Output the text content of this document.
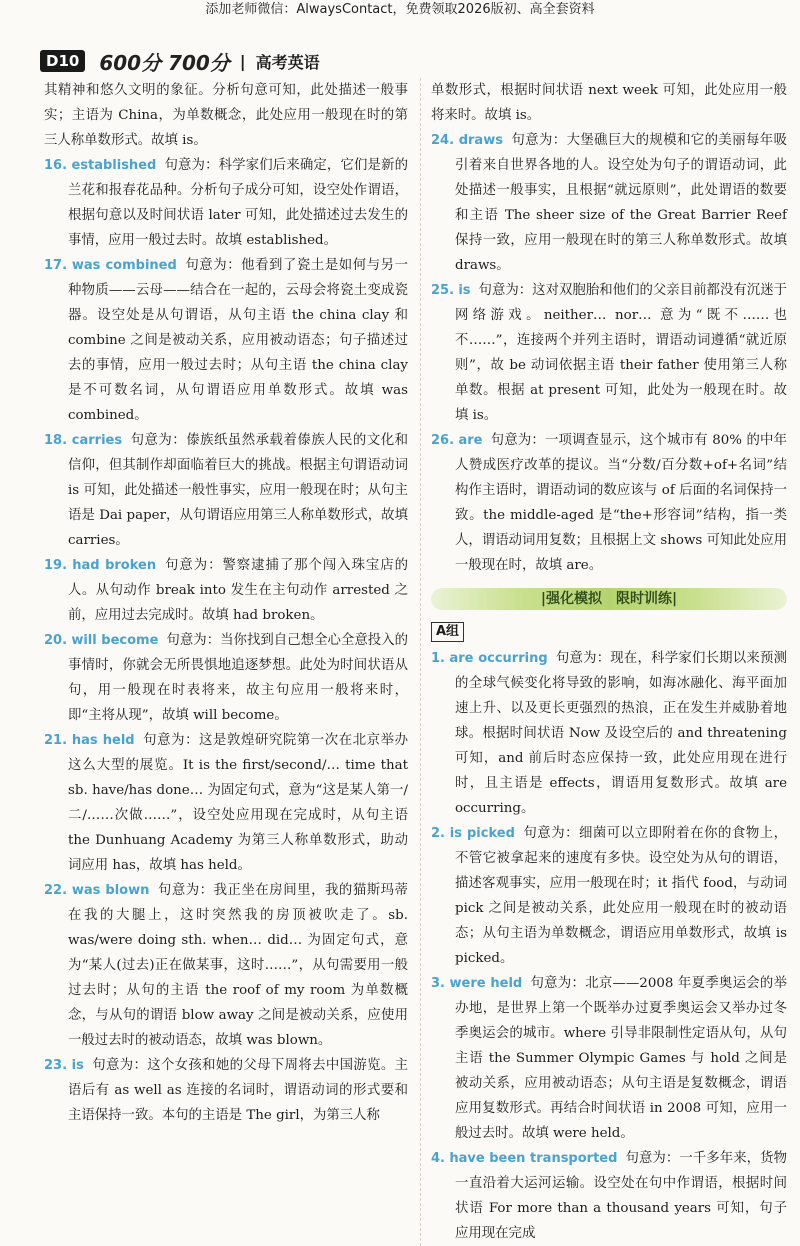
添加老师微信：AlwaysContact，免费领取2026版初、高全套资料
D10	600分 700分 | 高考英语

其精神和悠久文明的象征。分析句意可知，此处描述一般事实；主语为 China，为单数概念，此处应用一般现在时的第三人称单数形式。故填 is。

16. established 句意为：科学家们后来确定，它们是新的兰花和报春花品种。分析句子成分可知，设空处作谓语，根据句意以及时间状语 later 可知，此处描述过去发生的事情，应用一般过去时。故填 established。

17. was combined 句意为：他看到了瓷土是如何与另一种物质——云母——结合在一起的，云母会将瓷土变成瓷器。设空处是从句谓语，从句主语 the china clay 和 combine 之间是被动关系，应用被动语态；句子描述过去的事情，应用一般过去时；从句主语 the china clay 是不可数名词，从句谓语应用单数形式。故填 was combined。

18. carries 句意为：傣族纸虽然承载着傣族人民的文化和信仰，但其制作却面临着巨大的挑战。根据主句谓语动词 is 可知，此处描述一般性事实，应用一般现在时；从句主语是 Dai paper，从句谓语应用第三人称单数形式，故填 carries。

19. had broken 句意为：警察逮捕了那个闯入珠宝店的人。从句动作 break into 发生在主句动作 arrested 之前，应用过去完成时。故填 had broken。

20. will become 句意为：当你找到自己想全心全意投入的事情时，你就会无所畏惧地追逐梦想。此处为时间状语从句，用一般现在时表将来，故主句应用一般将来时，即“主将从现”，故填 will become。

21. has held 句意为：这是敦煌研究院第一次在北京举办这么大型的展览。It is the first/second/… time that sb. have/has done… 为固定句式，意为“这是某人第一/二/……次做……”，设空处应用现在完成时，从句主语 the Dunhuang Academy 为第三人称单数形式，助动词应用 has，故填 has held。

22. was blown 句意为：我正坐在房间里，我的猫斯玛蒂在我的大腿上，这时突然我的房顶被吹走了。sb. was/were doing sth. when… did… 为固定句式，意为“某人(过去)正在做某事，这时……”，从句需要用一般过去时；从句的主语 the roof of my room 为单数概念，与从句的谓语 blow away 之间是被动关系，应使用一般过去时的被动语态，故填 was blown。

23. is 句意为：这个女孩和她的父母下周将去中国游览。主语后有 as well as 连接的名词时，谓语动词的形式要和主语保持一致。本句的主语是 The girl，为第三人称

单数形式，根据时间状语 next week 可知，此处应用一般将来时。故填 is。

24. draws 句意为：大堡礁巨大的规模和它的美丽每年吸引着来自世界各地的人。设空处为句子的谓语动词，此处描述一般事实，且根据“就远原则”，此处谓语的数要和主语 The sheer size of the Great Barrier Reef 保持一致，应用一般现在时的第三人称单数形式。故填 draws。

25. is 句意为：这对双胞胎和他们的父亲目前都没有沉迷于网络游戏。neither… nor… 意为“既不……也不……”，连接两个并列主语时，谓语动词遵循“就近原则”，故 be 动词依据主语 their father 使用第三人称单数。根据 at present 可知，此处为一般现在时。故填 is。

26. are 句意为：一项调查显示，这个城市有 80% 的中年人赞成医疗改革的提议。当“分数/百分数+of+名词”结构作主语时，谓语动词的数应该与 of 后面的名词保持一致。the middle-aged 是“the+形容词”结构，指一类人，谓语动词用复数；且根据上文 shows 可知此处应用一般现在时，故填 are。

|强化模拟　限时训练|
A组

1. are occurring 句意为：现在，科学家们长期以来预测的全球气候变化将导致的影响，如海冰融化、海平面加速上升、以及更长更强烈的热浪，正在发生并威胁着地球。根据时间状语 Now 及设空后的 and threatening 可知，and 前后时态应保持一致，此处应用现在进行时，且主语是 effects，谓语用复数形式。故填 are occurring。

2. is picked 句意为：细菌可以立即附着在你的食物上，不管它被拿起来的速度有多快。设空处为从句的谓语，描述客观事实，应用一般现在时；it 指代 food，与动词 pick 之间是被动关系，此处应用一般现在时的被动语态；从句主语为单数概念，谓语应用单数形式，故填 is picked。

3. were held 句意为：北京——2008 年夏季奥运会的举办地，是世界上第一个既举办过夏季奥运会又举办过冬季奥运会的城市。where 引导非限制性定语从句，从句主语 the Summer Olympic Games 与 hold 之间是被动关系，应用被动语态；从句主语是复数概念，谓语应用复数形式。再结合时间状语 in 2008 可知，应用一般过去时。故填 were held。

4. have been transported 句意为：一千多年来，货物一直沿着大运河运输。设空处在句中作谓语，根据时间状语 For more than a thousand years 可知，句子应用现在完成
